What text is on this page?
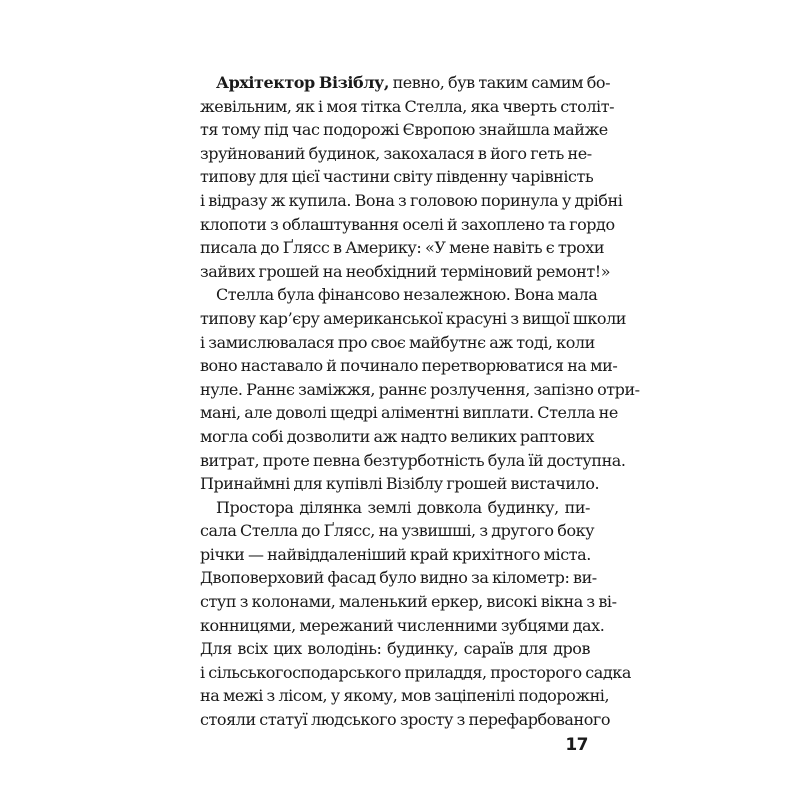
Архітектор Візіблу, певно, був таким самим бо-
жевільним, як і моя тітка Стелла, яка чверть століт-
тя тому під час подорожі Європою знайшла майже
зруйнований будинок, закохалася в його геть не-
типову для цієї частини світу південну чарівність
і відразу ж купила. Вона з головою поринула у дрібні
клопоти з облаштування оселі й захоплено та гордо
писала до Ґлясс в Америку: «У мене навіть є трохи
зайвих грошей на необхідний терміновий ремонт!»
Стелла була фінансово незалежною. Вона мала
типову кар’єру американської красуні з вищої школи
і замислювалася про своє майбутнє аж тоді, коли
воно наставало й починало перетворюватися на ми-
нуле. Раннє заміжжя, раннє розлучення, запізно отри-
мані, але доволі щедрі аліментні виплати. Стелла не
могла собі дозволити аж надто великих раптових
витрат, проте певна безтурботність була їй доступна.
Принаймні для купівлі Візіблу грошей вистачило.
Простора ділянка землі довкола будинку, пи-
сала Стелла до Ґлясс, на узвишші, з другого боку
річки — найвіддаленіший край крихітного міста.
Двоповерховий фасад було видно за кілометр: ви-
ступ з колонами, маленький еркер, високі вікна з ві-
конницями, мережаний численними зубцями дах.
Для всіх цих володінь: будинку, сараїв для дров
і сільськогосподарського приладдя, просторого садка
на межі з лісом, у якому, мов заціпенілі подорожні,
стояли статуї людського зросту з перефарбованого
17
